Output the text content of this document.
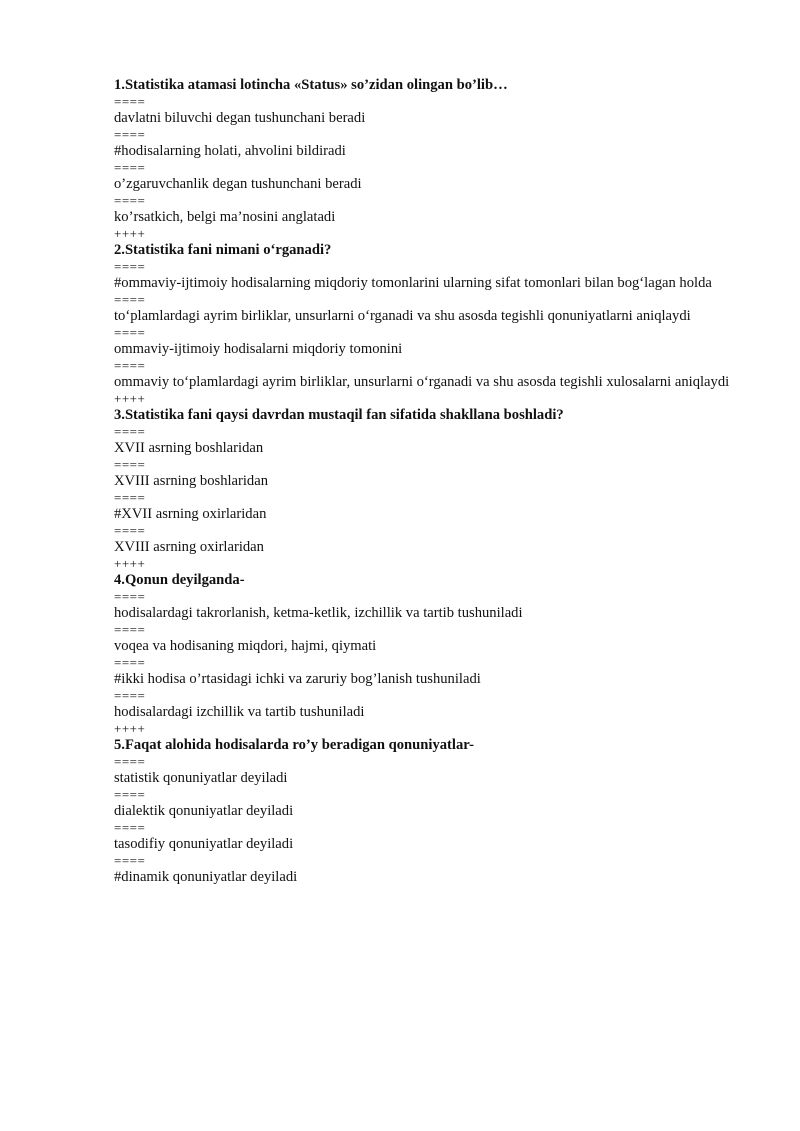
1.Statistika atamasi lotincha «Status» so’zidan olingan bo’lib…
====
davlatni biluvchi degan tushunchani beradi
====
#hodisalarning holati, ahvolini bildiradi
====
o’zgaruvchanlik degan tushunchani beradi
====
ko’rsatkich, belgi ma’nosini anglatadi
++++
2.Statistika fani nimani o‘rganadi?
====
#ommaviy-ijtimoiy hodisalarning miqdoriy tomonlarini ularning sifat tomonlari bilan bog‘lagan holda
====
to‘plamlardagi ayrim birliklar, unsurlarni o‘rganadi va shu asosda tegishli qonuniyatlarni aniqlaydi
====
ommaviy-ijtimoiy hodisalarni miqdoriy tomonini
====
ommaviy to‘plamlardagi ayrim birliklar, unsurlarni o‘rganadi va shu asosda tegishli xulosalarni aniqlaydi
++++
3.Statistika fani qaysi davrdan mustaqil fan sifatida shakllana boshladi?
====
XVII asrning boshlaridan
====
XVIII asrning boshlaridan
====
#XVII asrning oxirlaridan
====
XVIII asrning oxirlaridan
++++
4.Qonun deyilganda-
====
hodisalardagi takrorlanish, ketma-ketlik, izchillik va tartib tushuniladi
====
voqea va hodisaning miqdori, hajmi, qiymati
====
#ikki hodisa o’rtasidagi ichki va zaruriy bog’lanish tushuniladi
====
hodisalardagi izchillik va tartib tushuniladi
++++
5.Faqat alohida hodisalarda ro’y beradigan qonuniyatlar-
====
statistik qonuniyatlar deyiladi
====
dialektik qonuniyatlar deyiladi
====
tasodifiy qonuniyatlar deyiladi
====
#dinamik qonuniyatlar deyiladi
